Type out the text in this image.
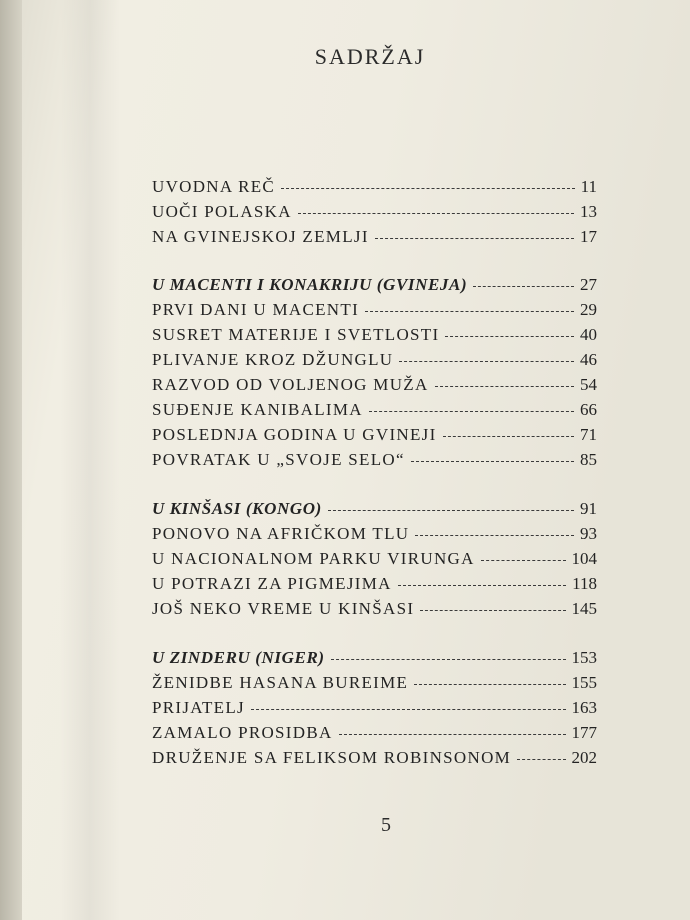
SADRŽAJ
UVODNA REČ	11
UOČI POLASKA	13
NA GVINEJSKOJ ZEMLJI	17
U MACENTI I KONAKRIJU (GVINEJA)	27
PRVI DANI U MACENTI	29
SUSRET MATERIJE I SVETLOSTI	40
PLIVANJE KROZ DŽUNGLU	46
RAZVOD OD VOLJENOG MUŽA	54
SUĐENJE KANIBALIMA	66
POSLEDNJA GODINA U GVINEJI	71
POVRATAK U „SVOJE SELO“	85
U KINŠASI (KONGO)	91
PONOVO NA AFRIČKOM TLU	93
U NACIONALNOM PARKU VIRUNGA	104
U POTRAZI ZA PIGMEJIMA	118
JOŠ NEKO VREME U KINŠASI	145
U ZINDERU (NIGER)	153
ŽENIDBE HASANA BUREIME	155
PRIJATELJ	163
ZAMALO PROSIDBA	177
DRUŽENJE SA FELIKSOM ROBINSONOM	202
5
